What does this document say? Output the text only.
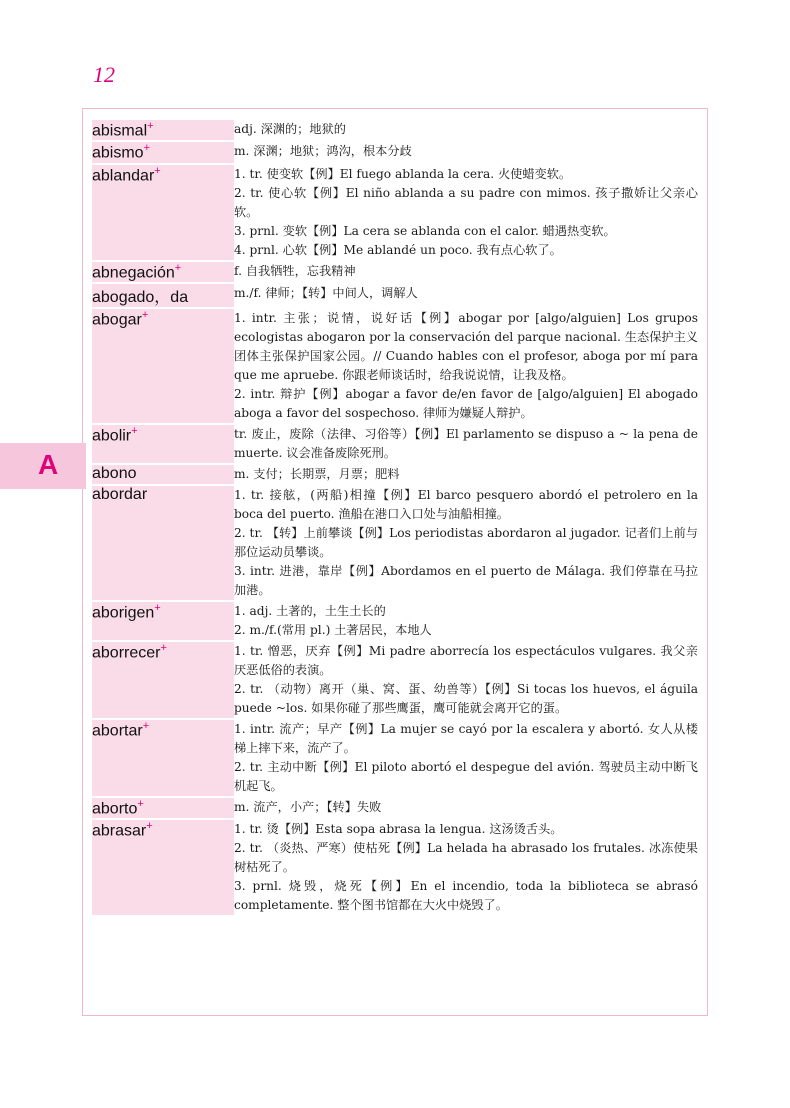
12
A
abismal+	adj. 深渊的；地狱的

abismo+	m. 深渊；地狱；鸿沟，根本分歧

ablandar+	1. tr. 使变软【例】El fuego ablanda la cera. 火使蜡变软。
2. tr. 使心软【例】El niño ablanda a su padre con mimos. 孩子撒娇让父亲心软。
3. prnl. 变软【例】La cera se ablanda con el calor. 蜡遇热变软。
4. prnl. 心软【例】Me ablandé un poco. 我有点心软了。

abnegación+	f. 自我牺牲，忘我精神

abogado，da	m./f. 律师；【转】中间人，调解人

abogar+	1. intr. 主张；说情，说好话【例】abogar por [algo/alguien] Los grupos ecologistas abogaron por la conservación del parque nacional. 生态保护主义团体主张保护国家公园。// Cuando hables con el profesor, aboga por mí para que me apruebe. 你跟老师谈话时，给我说说情，让我及格。
2. intr. 辩护【例】abogar a favor de/en favor de [algo/alguien] El abogado aboga a favor del sospechoso. 律师为嫌疑人辩护。

abolir+	tr. 废止，废除（法律、习俗等）【例】El parlamento se dispuso a ~ la pena de muerte. 议会准备废除死刑。

abono	m. 支付；长期票，月票；肥料

abordar	1. tr. 接舷，(两船)相撞【例】El barco pesquero abordó el petrolero en la boca del puerto. 渔船在港口入口处与油船相撞。
2. tr. 【转】上前攀谈【例】Los periodistas abordaron al jugador. 记者们上前与那位运动员攀谈。
3. intr. 进港，靠岸【例】Abordamos en el puerto de Málaga. 我们停靠在马拉加港。

aborigen+	1. adj. 土著的，土生土长的
2. m./f.(常用 pl.) 土著居民，本地人

aborrecer+	1. tr. 憎恶，厌弃【例】Mi padre aborrecía los espectáculos vulgares. 我父亲厌恶低俗的表演。
2. tr. （动物）离开（巢、窝、蛋、幼兽等）【例】Si tocas los huevos, el águila puede ~los. 如果你碰了那些鹰蛋，鹰可能就会离开它的蛋。

abortar+	1. intr. 流产；早产【例】La mujer se cayó por la escalera y abortó. 女人从楼梯上摔下来，流产了。
2. tr. 主动中断【例】El piloto abortó el despegue del avión. 驾驶员主动中断飞机起飞。

aborto+	m. 流产，小产；【转】失败

abrasar+	1. tr. 烫【例】Esta sopa abrasa la lengua. 这汤烫舌头。
2. tr. （炎热、严寒）使枯死【例】La helada ha abrasado los frutales. 冰冻使果树枯死了。
3. prnl. 烧毁，烧死【例】En el incendio, toda la biblioteca se abrasó completamente. 整个图书馆都在大火中烧毁了。
